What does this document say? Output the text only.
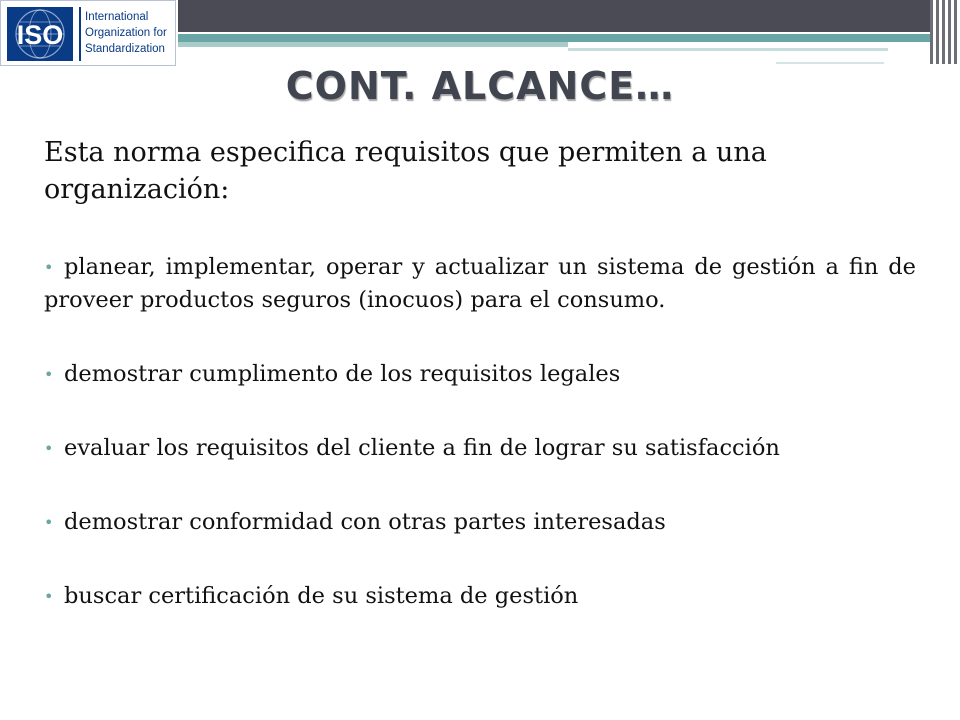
ISO
International
Organization for
Standardization
CONT. ALCANCE…

Esta norma especifica requisitos que permiten a una organización:

• planear, implementar, operar y actualizar un sistema de gestión a fin de proveer productos seguros (inocuos) para el consumo.
• demostrar cumplimento de los requisitos legales
• evaluar los requisitos del cliente a fin de lograr su satisfacción
• demostrar conformidad con otras partes interesadas
• buscar certificación de su sistema de gestión
